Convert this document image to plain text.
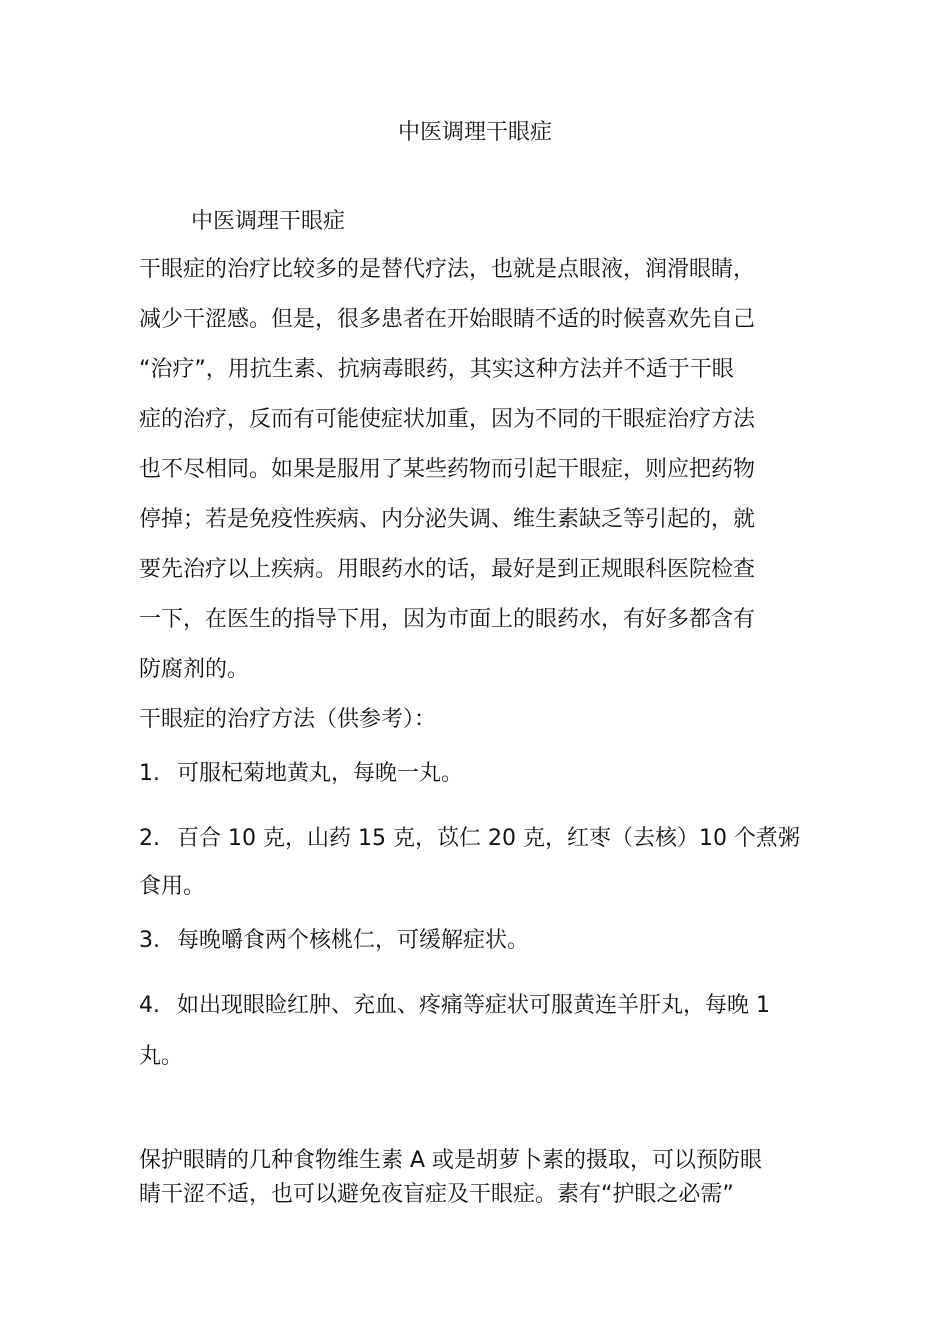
中医调理干眼症
中医调理干眼症

干眼症的治疗比较多的是替代疗法，也就是点眼液，润滑眼睛，

减少干涩感。但是，很多患者在开始眼睛不适的时候喜欢先自己

“治疗”，用抗生素、抗病毒眼药，其实这种方法并不适于干眼

症的治疗，反而有可能使症状加重，因为不同的干眼症治疗方法

也不尽相同。如果是服用了某些药物而引起干眼症，则应把药物

停掉；若是免疫性疾病、内分泌失调、维生素缺乏等引起的，就

要先治疗以上疾病。用眼药水的话，最好是到正规眼科医院检查

一下，在医生的指导下用，因为市面上的眼药水，有好多都含有

防腐剂的。

干眼症的治疗方法（供参考）：

1. 可服杞菊地黄丸，每晚一丸。
2. 百合 10 克，山药 15 克，苡仁 20 克，红枣（去核）10 个煮粥

食用。

3. 每晚嚼食两个核桃仁，可缓解症状。
4. 如出现眼睑红肿、充血、疼痛等症状可服黄连羊肝丸，每晚 1

丸。

保护眼睛的几种食物维生素 A 或是胡萝卜素的摄取，可以预防眼

睛干涩不适，也可以避免夜盲症及干眼症。素有“护眼之必需”
